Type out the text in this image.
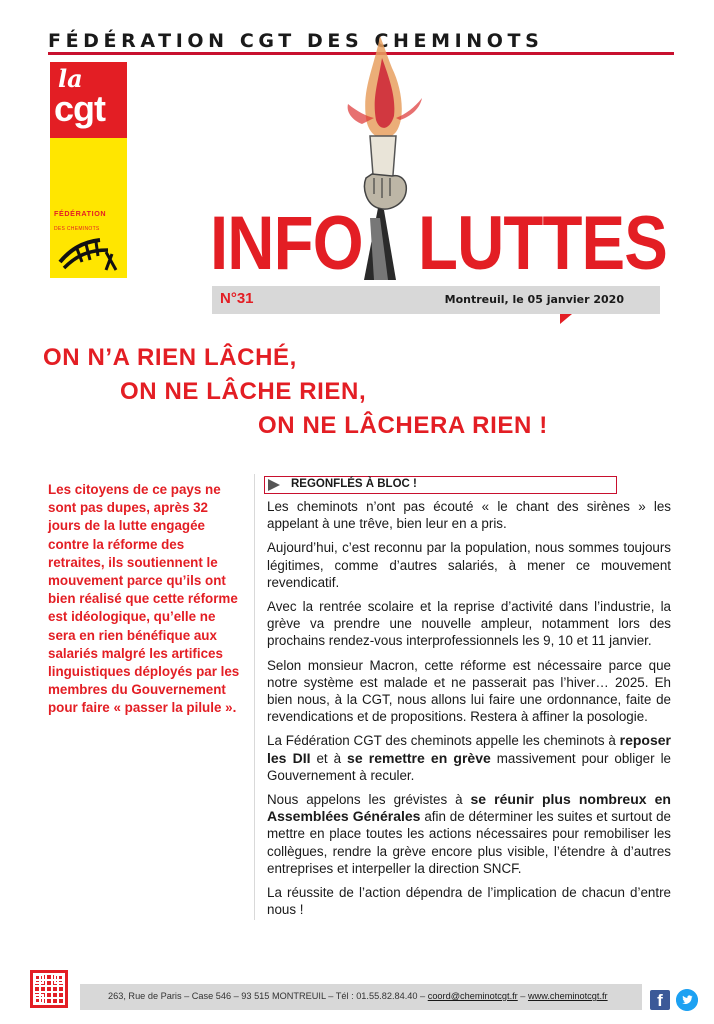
FÉDÉRATION CGT DES CHEMINOTS
la
cgt
FÉDÉRATION
DES CHEMINOTS INFO LUTTES
N°31	Montreuil, le 05 janvier 2020
ON N’A RIEN LÂCHÉ,
ON NE LÂCHE RIEN,
ON NE LÂCHERA RIEN !
Les citoyens de ce pays ne sont pas dupes, après 32 jours de la lutte engagée contre la réforme des retraites, ils soutiennent le mouvement parce qu’ils ont bien réalisé que cette réforme est idéologique, qu’elle ne sera en rien bénéfique aux salariés malgré les artifices linguistiques déployés par les membres du Gouvernement pour faire « passer la pilule ».
REGONFLÉS À BLOC !

Les cheminots n’ont pas écouté « le chant des sirènes » les appelant à une trêve, bien leur en a pris.

Aujourd’hui, c’est reconnu par la population, nous sommes toujours légitimes, comme d’autres salariés, à mener ce mouvement revendicatif.

Avec la rentrée scolaire et la reprise d’activité dans l’industrie, la grève va prendre une nouvelle ampleur, notamment lors des prochains rendez-vous interprofessionnels les 9, 10 et 11 janvier.

Selon monsieur Macron, cette réforme est nécessaire parce que notre système est malade et ne passerait pas l’hiver… 2025. Eh bien nous, à la CGT, nous allons lui faire une ordonnance, faite de revendications et de propositions. Restera à affiner la posologie.

La Fédération CGT des cheminots appelle les cheminots à reposer les DII et à se remettre en grève massivement pour obliger le Gouvernement à reculer.

Nous appelons les grévistes à se réunir plus nombreux en Assemblées Générales afin de déterminer les suites et surtout de mettre en place toutes les actions nécessaires pour remobiliser les collègues, rendre la grève encore plus visible, l’étendre à d’autres entreprises et interpeller la direction SNCF.

La réussite de l’action dépendra de l’implication de chacun d’entre nous !

263, Rue de Paris – Case 546 – 93 515 MONTREUIL – Tél : 01.55.82.84.40 – coord@cheminotcgt.fr – www.cheminotcgt.fr	f
